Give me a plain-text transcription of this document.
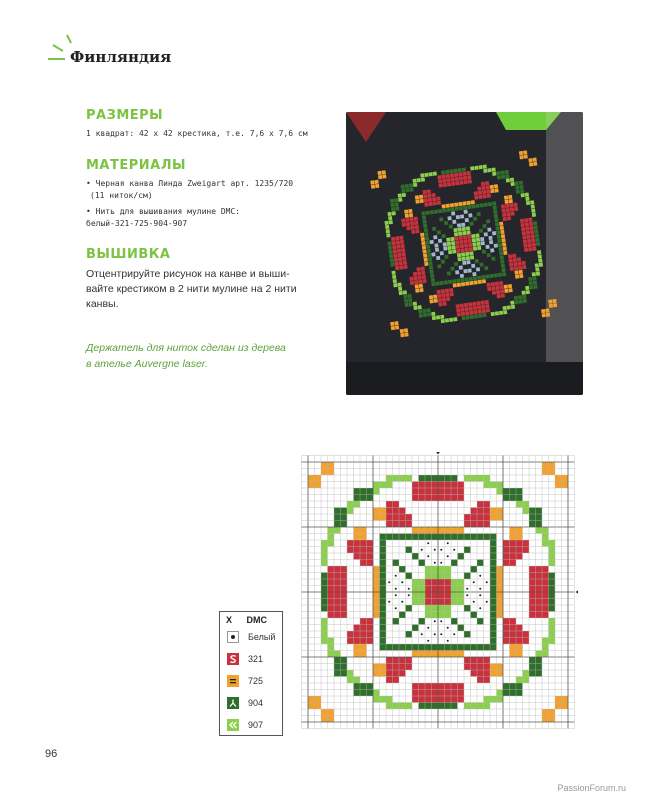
Финляндия
РАЗМЕРЫ
1 квадрат: 42 х 42 крестика, т.е. 7,6 х 7,6 см
МАТЕРИАЛЫ
• Черная канва Линда Zweigart арт. 1235/720
(11 ниток/см)
• Нить для вышивания мулине DMC:
белый-321-725-904-907
ВЫШИВКА
Отцентрируйте рисунок на канве и выши-
вайте крестиком в 2 нити мулине на 2 нити
канвы.
Держатель для ниток сделан из дерева
в ателье Auvergne laser.
X DMC
Белый
321
725
904
907
96
PassionForum.ru
